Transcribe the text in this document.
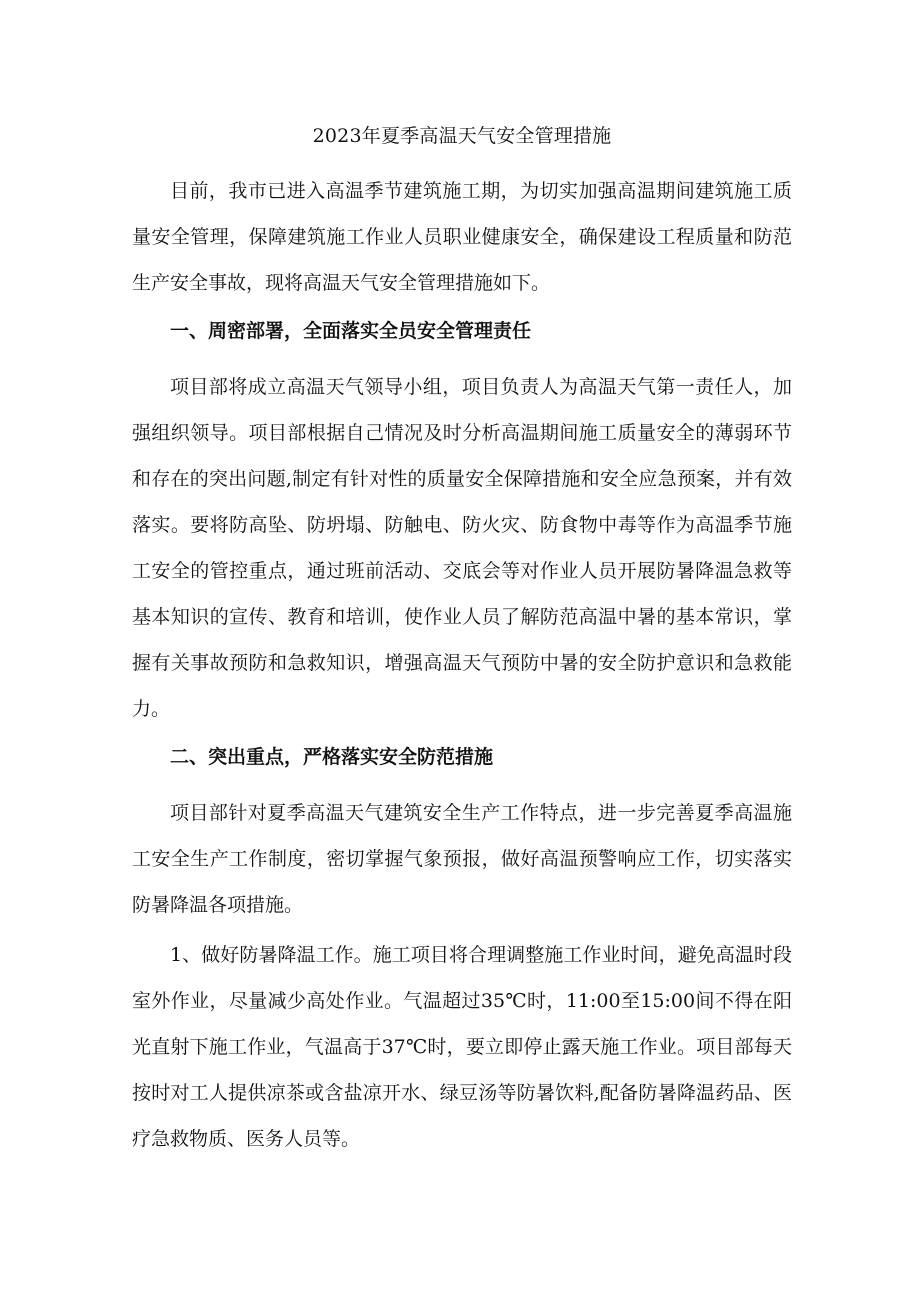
2023年夏季高温天气安全管理措施

目前，我市已进入高温季节建筑施工期，为切实加强高温期间建筑施工质量安全管理，保障建筑施工作业人员职业健康安全，确保建设工程质量和防范生产安全事故，现将高温天气安全管理措施如下。

一、周密部署，全面落实全员安全管理责任

项目部将成立高温天气领导小组，项目负责人为高温天气第一责任人，加强组织领导。项目部根据自己情况及时分析高温期间施工质量安全的薄弱环节和存在的突出问题,制定有针对性的质量安全保障措施和安全应急预案，并有效落实。要将防高坠、防坍塌、防触电、防火灾、防食物中毒等作为高温季节施工安全的管控重点，通过班前活动、交底会等对作业人员开展防暑降温急救等基本知识的宣传、教育和培训，使作业人员了解防范高温中暑的基本常识，掌握有关事故预防和急救知识，增强高温天气预防中暑的安全防护意识和急救能力。

二、突出重点，严格落实安全防范措施

项目部针对夏季高温天气建筑安全生产工作特点，进一步完善夏季高温施工安全生产工作制度，密切掌握气象预报，做好高温预警响应工作，切实落实防暑降温各项措施。

1、做好防暑降温工作。施工项目将合理调整施工作业时间，避免高温时段室外作业，尽量减少高处作业。气温超过35℃时，11:00至15:00间不得在阳光直射下施工作业，气温高于37℃时，要立即停止露天施工作业。项目部每天按时对工人提供凉茶或含盐凉开水、绿豆汤等防暑饮料,配备防暑降温药品、医疗急救物质、医务人员等。
